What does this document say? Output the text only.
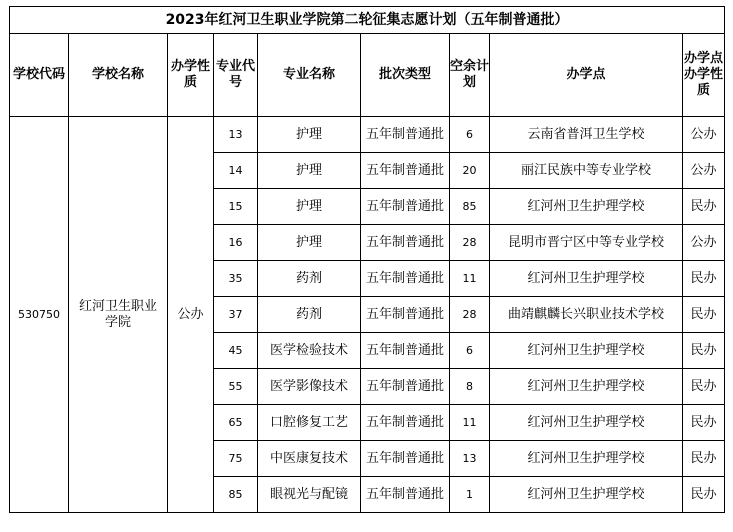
2023年红河卫生职业学院第二轮征集志愿计划（五年制普通批）								
学校代码	学校名称	办学性质	专业代号	专业名称	批次类型	空余计划	办学点	办学点办学性质
530750	红河卫生职业学院	公办	13	护理	五年制普通批	6	云南省普洱卫生学校	公办
			14	护理	五年制普通批	20	丽江民族中等专业学校	公办
			15	护理	五年制普通批	85	红河州卫生护理学校	民办
			16	护理	五年制普通批	28	昆明市晋宁区中等专业学校	公办
			35	药剂	五年制普通批	11	红河州卫生护理学校	民办
			37	药剂	五年制普通批	28	曲靖麒麟长兴职业技术学校	民办
			45	医学检验技术	五年制普通批	6	红河州卫生护理学校	民办
			55	医学影像技术	五年制普通批	8	红河州卫生护理学校	民办
			65	口腔修复工艺	五年制普通批	11	红河州卫生护理学校	民办
			75	中医康复技术	五年制普通批	13	红河州卫生护理学校	民办
			85	眼视光与配镜	五年制普通批	1	红河州卫生护理学校	民办
